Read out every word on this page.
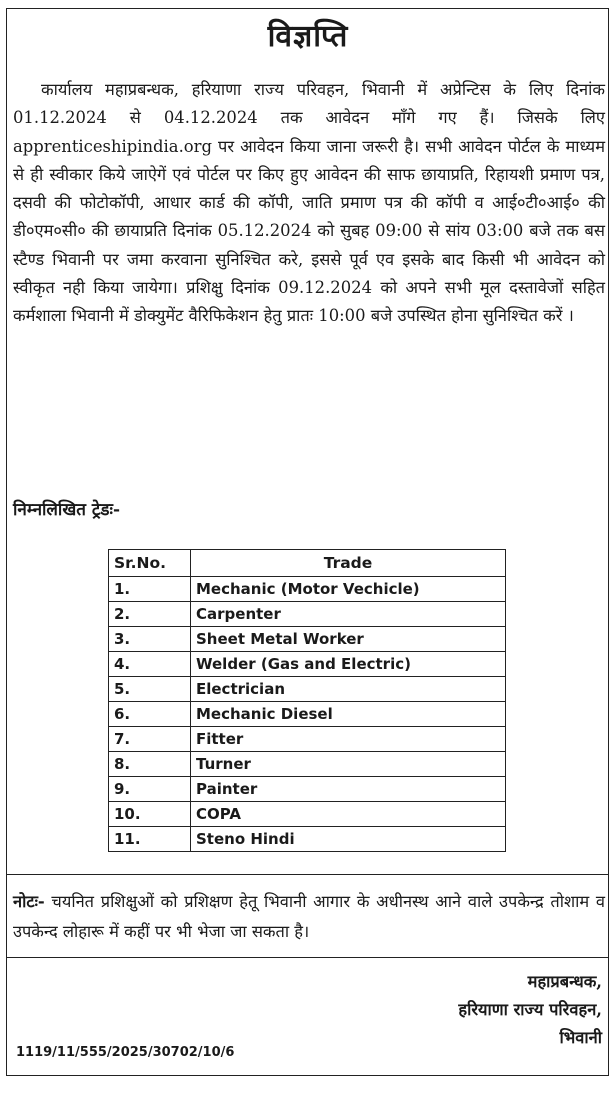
विज्ञप्ति
कार्यालय महाप्रबन्धक, हरियाणा राज्य परिवहन, भिवानी में अप्रेन्टिस के लिए दिनांक 01.12.2024 से 04.12.2024 तक आवेदन माँगे गए हैं। जिसके लिए apprenticeshipindia.org पर आवेदन किया जाना जरूरी है। सभी आवेदन पोर्टल के माध्यम से ही स्वीकार किये जाऐगें एवं पोर्टल पर किए हुए आवेदन की साफ छायाप्रति, रिहायशी प्रमाण पत्र, दसवी की फोटोकॉपी, आधार कार्ड की कॉपी, जाति प्रमाण पत्र की कॉपी व आई०टी०आई० की डी०एम०सी० की छायाप्रति दिनांक 05.12.2024 को सुबह 09:00 से सांय 03:00 बजे तक बस स्टैण्ड भिवानी पर जमा करवाना सुनिश्चित करे, इससे पूर्व एव इसके बाद किसी भी आवेदन को स्वीकृत नही किया जायेगा। प्रशिक्षु दिनांक 09.12.2024 को अपने सभी मूल दस्तावेजों सहित कर्मशाला भिवानी में डोक्युमेंट वैरिफिकेशन हेतु प्रातः 10:00 बजे उपस्थित होना सुनिश्चित करें ।
निम्नलिखित ट्रेडः-
Sr.No.	Trade
1.	Mechanic (Motor Vechicle)
2.	Carpenter
3.	Sheet Metal Worker
4.	Welder (Gas and Electric)
5.	Electrician
6.	Mechanic Diesel
7.	Fitter
8.	Turner
9.	Painter
10.	COPA
11.	Steno Hindi
नोटः- चयनित प्रशिक्षुओं को प्रशिक्षण हेतू भिवानी आगार के अधीनस्थ आने वाले उपकेन्द्र तोशाम व उपकेन्द लोहारू में कहीं पर भी भेजा जा सकता है।
महाप्रबन्धक,
हरियाणा राज्य परिवहन,
भिवानी
1119/11/555/2025/30702/10/6
